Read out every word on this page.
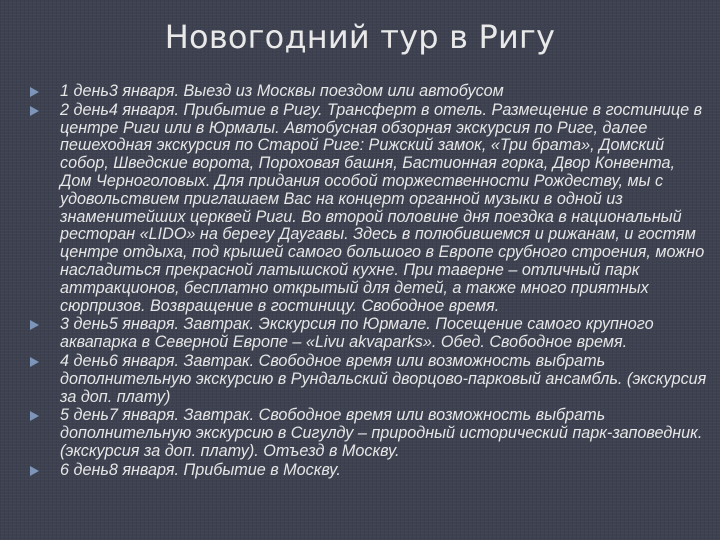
Новогодний тур в Ригу
1 день3 января. Выезд из Москвы поездом или автобусом
2 день4 января. Прибытие в Ригу. Трансферт в отель. Размещение в гостинице в центре Риги или в Юрмалы. Автобусная обзорная экскурсия по Риге, далее пешеходная экскурсия по Старой Риге: Рижский замок, «Три брата», Домский собор, Шведские ворота, Пороховая башня, Бастионная горка, Двор Конвента, Дом Черноголовых. Для придания особой торжественности Рождеству, мы с удовольствием приглашаем Вас на концерт органной музыки в одной из знаменитейших церквей Риги. Во второй половине дня поездка в национальный ресторан «LIDO» на берегу Даугавы. Здесь в полюбившемся и рижанам, и гостям центре отдыха, под крышей самого большого в Европе срубного строения, можно насладиться прекрасной латышской кухне. При таверне – отличный парк аттракционов, бесплатно открытый для детей, а также много приятных сюрпризов. Возвращение в гостиницу. Свободное время.
3 день5 января. Завтрак. Экскурсия по Юрмале. Посещение самого крупного аквапарка в Северной Европе – «Livu akvaparks». Обед. Свободное время.
4 день6 января. Завтрак. Свободное время или возможность выбрать дополнительную экскурсию в Рундальский дворцово-парковый ансамбль. (экскурсия за доп. плату)
5 день7 января. Завтрак. Свободное время или возможность выбрать дополнительную экскурсию в Сигулду – природный исторический парк-заповедник. (экскурсия за доп. плату). Отъезд в Москву.
6 день8 января. Прибытие в Москву.
